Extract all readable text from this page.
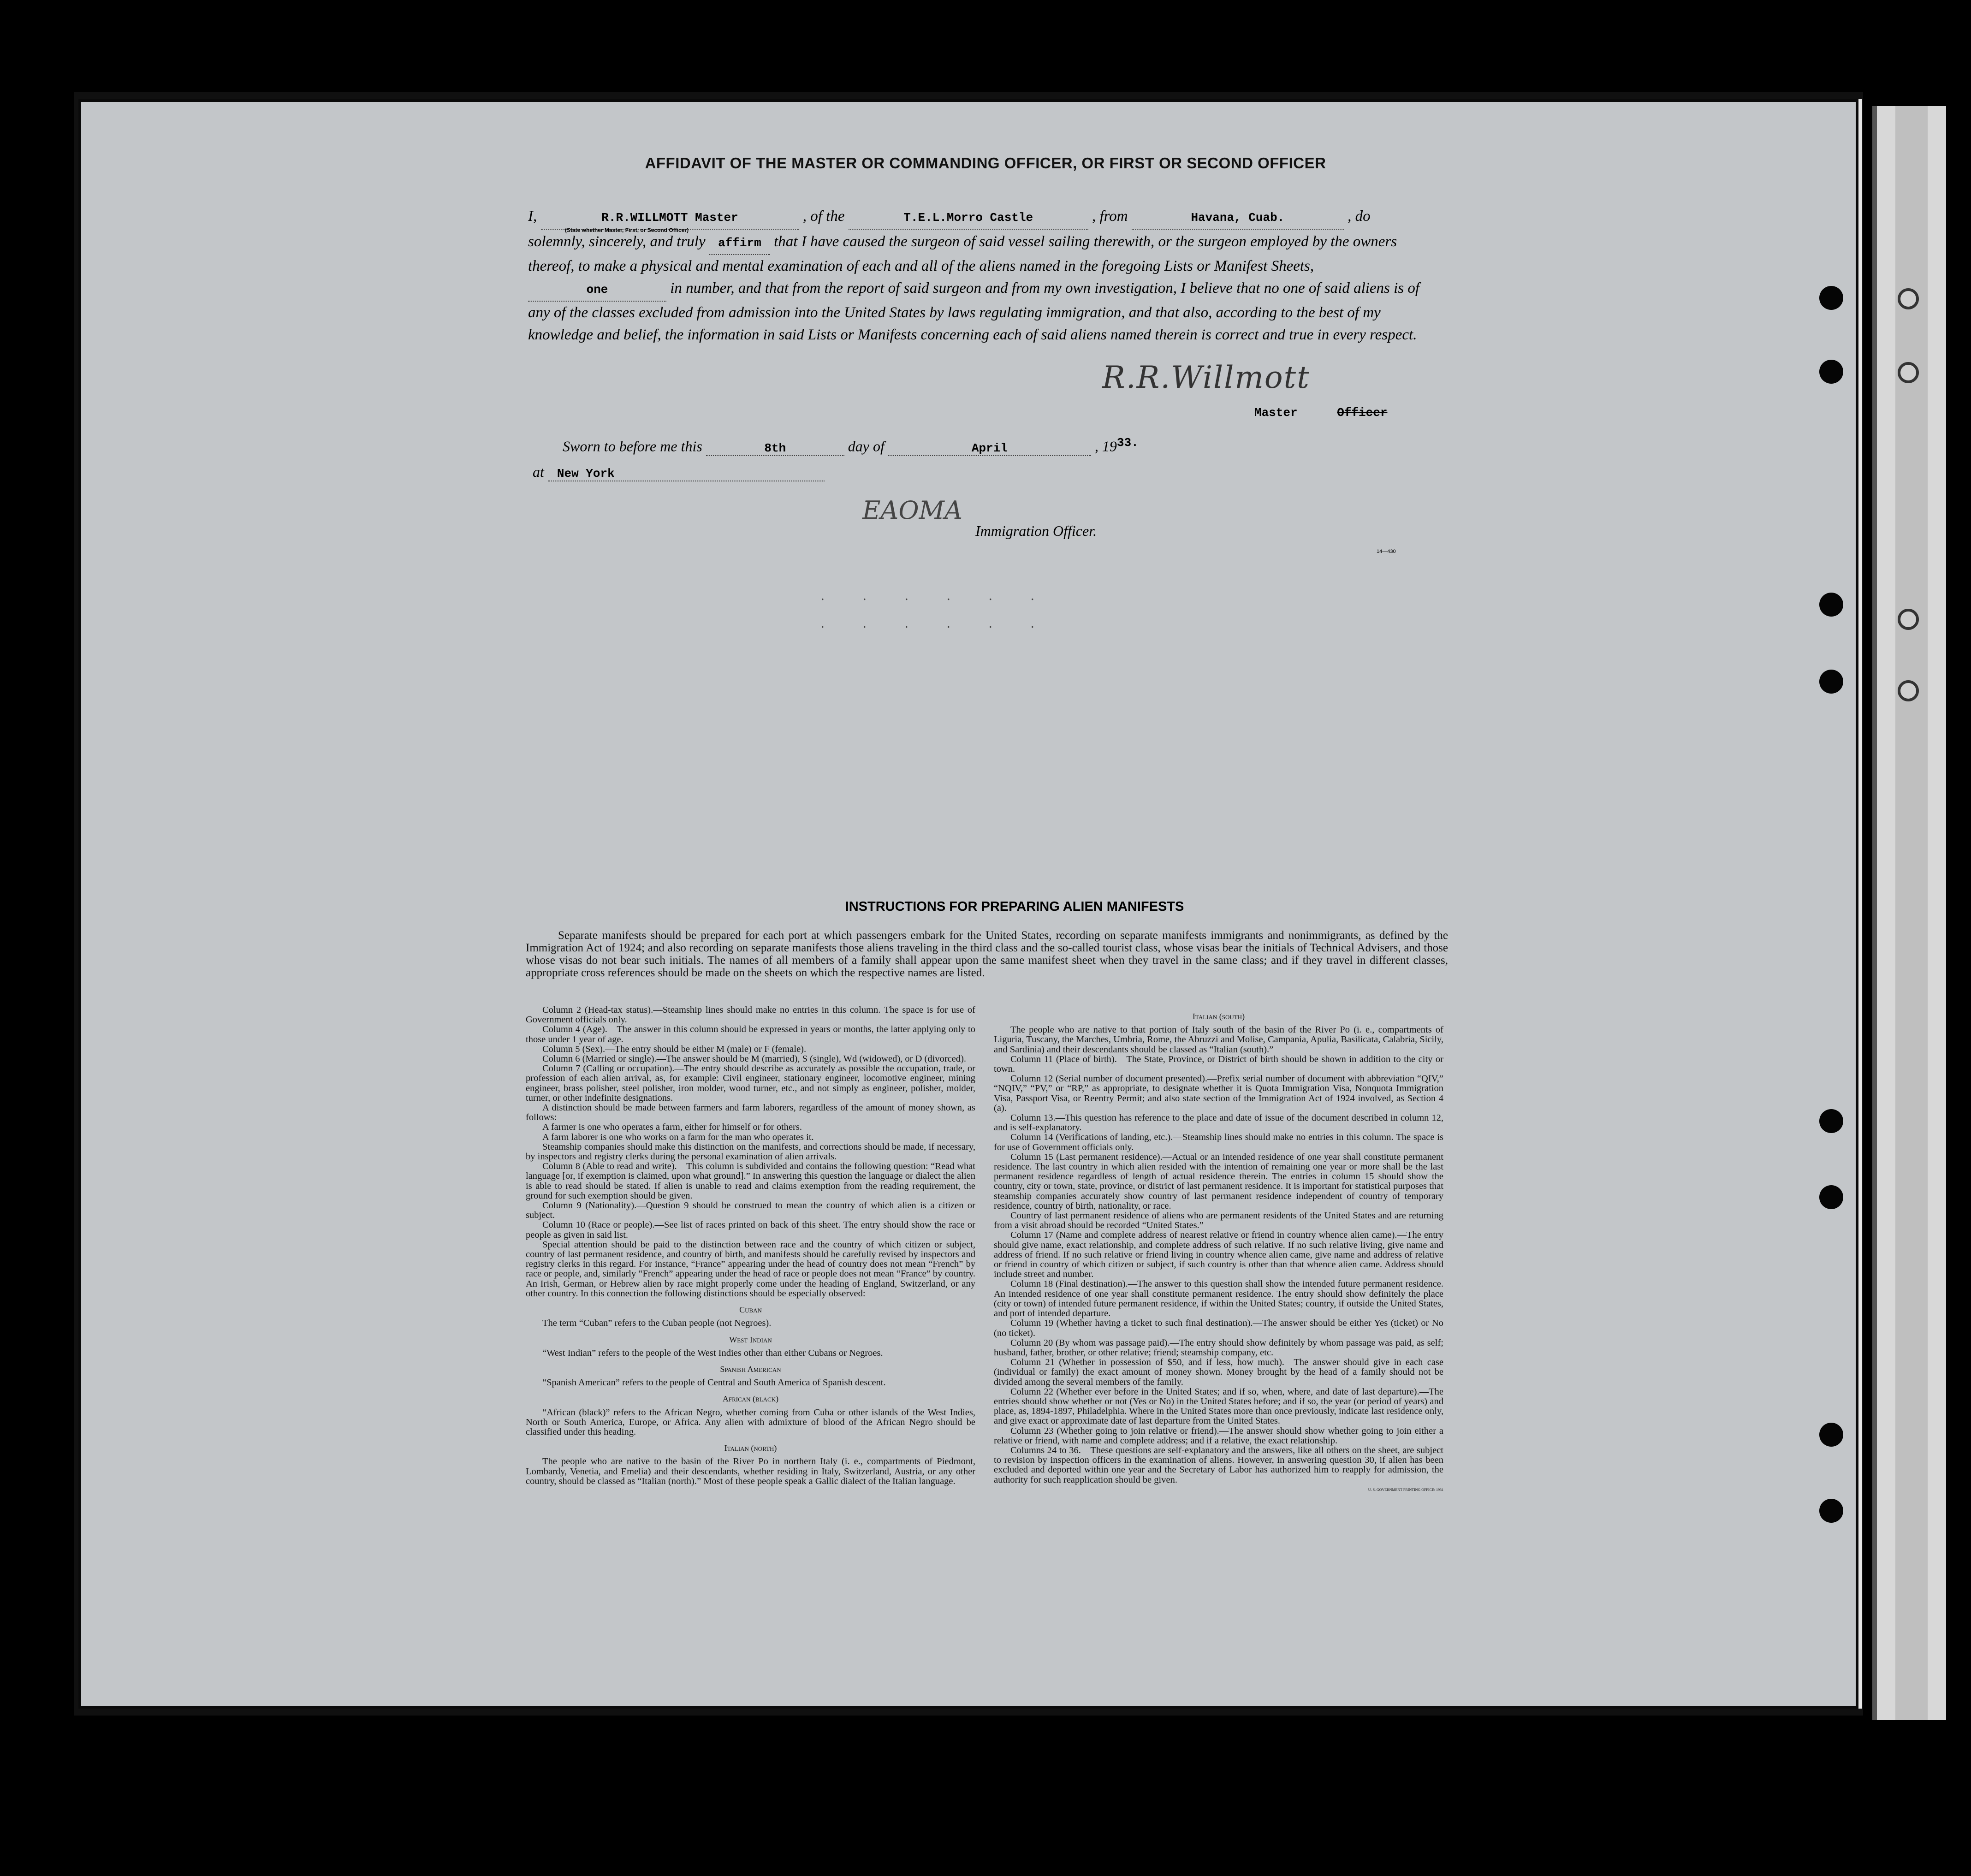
AFFIDAVIT OF THE MASTER OR COMMANDING OFFICER, OR FIRST OR SECOND OFFICER
I,	R.R.WILLMOTT Master	, of the	T.E.L.Morro Castle	, from	Havana, Cuab.	, do
solemnly, sincerely, and truly affirm that I have caused the surgeon of said vessel sailing therewith, or the surgeon employed by the owners thereof, to make a physical and mental examination of each and all of the aliens named in the foregoing Lists or Manifest Sheets, one	in number, and that from the report of said surgeon and from my own investigation, I believe that no one of said aliens is of any of the classes excluded from admission into the United States by laws regulating immigration, and that also, according to the best of my knowledge and belief, the information in said Lists or Manifests concerning each of said aliens named therein is correct and true in every respect.
(State whether Master, First, or Second Officer)
R.R.Willmott
Master	Officer
Sworn to before me this	8th	day of	April	, $19^{33.}$
at New York
EAOMA
Immigration Officer.
14—430
. . . . . .
. . . . . .
INSTRUCTIONS FOR PREPARING ALIEN MANIFESTS
Separate manifests should be prepared for each port at which passengers embark for the United States, recording on separate manifests immigrants and nonimmigrants, as defined by the Immigration Act of 1924; and also recording on separate manifests those aliens traveling in the third class and the so-called tourist class, whose visas bear the initials of Technical Advisers, and those whose visas do not bear such initials. The names of all members of a family shall appear upon the same manifest sheet when they travel in the same class; and if they travel in different classes, appropriate cross references should be made on the sheets on which the respective names are listed.

Column 2 (Head-tax status).—Steamship lines should make no entries in this column. The space is for use of Government officials only.

Column 4 (Age).—The answer in this column should be expressed in years or months, the latter applying only to those under 1 year of age.

Column 5 (Sex).—The entry should be either M (male) or F (female).

Column 6 (Married or single).—The answer should be M (married), S (single), Wd (widowed), or D (divorced).

Column 7 (Calling or occupation).—The entry should describe as accurately as possible the occupation, trade, or profession of each alien arrival, as, for example: Civil engineer, stationary engineer, locomotive engineer, mining engineer, brass polisher, steel polisher, iron molder, wood turner, etc., and not simply as engineer, polisher, molder, turner, or other indefinite designations.

A distinction should be made between farmers and farm laborers, regardless of the amount of money shown, as follows:

A farmer is one who operates a farm, either for himself or for others.

A farm laborer is one who works on a farm for the man who operates it.

Steamship companies should make this distinction on the manifests, and corrections should be made, if necessary, by inspectors and registry clerks during the personal examination of alien arrivals.

Column 8 (Able to read and write).—This column is subdivided and contains the following question: “Read what language [or, if exemption is claimed, upon what ground].” In answering this question the language or dialect the alien is able to read should be stated. If alien is unable to read and claims exemption from the reading requirement, the ground for such exemption should be given.

Column 9 (Nationality).—Question 9 should be construed to mean the country of which alien is a citizen or subject.

Column 10 (Race or people).—See list of races printed on back of this sheet. The entry should show the race or people as given in said list.

Special attention should be paid to the distinction between race and the country of which citizen or subject, country of last permanent residence, and country of birth, and manifests should be carefully revised by inspectors and registry clerks in this regard. For instance, “France” appearing under the head of country does not mean “French” by race or people, and, similarly “French” appearing under the head of race or people does not mean “France” by country. An Irish, German, or Hebrew alien by race might properly come under the heading of England, Switzerland, or any other country. In this connection the following distinctions should be especially observed:

Cuban

The term “Cuban” refers to the Cuban people (not Negroes).

West Indian

“West Indian” refers to the people of the West Indies other than either Cubans or Negroes.

Spanish American

“Spanish American” refers to the people of Central and South America of Spanish descent.

African (black)

“African (black)” refers to the African Negro, whether coming from Cuba or other islands of the West Indies, North or South America, Europe, or Africa. Any alien with admixture of blood of the African Negro should be classified under this heading.

Italian (north)

The people who are native to the basin of the River Po in northern Italy (i. e., compartments of Piedmont, Lombardy, Venetia, and Emelia) and their descendants, whether residing in Italy, Switzerland, Austria, or any other country, should be classed as “Italian (north).” Most of these people speak a Gallic dialect of the Italian language.

Italian (south)

The people who are native to that portion of Italy south of the basin of the River Po (i. e., compartments of Liguria, Tuscany, the Marches, Umbria, Rome, the Abruzzi and Molise, Campania, Apulia, Basilicata, Calabria, Sicily, and Sardinia) and their descendants should be classed as “Italian (south).”

Column 11 (Place of birth).—The State, Province, or District of birth should be shown in addition to the city or town.

Column 12 (Serial number of document presented).—Prefix serial number of document with abbreviation “QIV,” “NQIV,” “PV,” or “RP,” as appropriate, to designate whether it is Quota Immigration Visa, Nonquota Immigration Visa, Passport Visa, or Reentry Permit; and also state section of the Immigration Act of 1924 involved, as Section 4 (a).

Column 13.—This question has reference to the place and date of issue of the document described in column 12, and is self-explanatory.

Column 14 (Verifications of landing, etc.).—Steamship lines should make no entries in this column. The space is for use of Government officials only.

Column 15 (Last permanent residence).—Actual or an intended residence of one year shall constitute permanent residence. The last country in which alien resided with the intention of remaining one year or more shall be the last permanent residence regardless of length of actual residence therein. The entries in column 15 should show the country, city or town, state, province, or district of last permanent residence. It is important for statistical purposes that steamship companies accurately show country of last permanent residence independent of country of temporary residence, country of birth, nationality, or race.

Country of last permanent residence of aliens who are permanent residents of the United States and are returning from a visit abroad should be recorded “United States.”

Column 17 (Name and complete address of nearest relative or friend in country whence alien came).—The entry should give name, exact relationship, and complete address of such relative. If no such relative living, give name and address of friend. If no such relative or friend living in country whence alien came, give name and address of relative or friend in country of which citizen or subject, if such country is other than that whence alien came. Address should include street and number.

Column 18 (Final destination).—The answer to this question shall show the intended future permanent residence. An intended residence of one year shall constitute permanent residence. The entry should show definitely the place (city or town) of intended future permanent residence, if within the United States; country, if outside the United States, and port of intended departure.

Column 19 (Whether having a ticket to such final destination).—The answer should be either Yes (ticket) or No (no ticket).

Column 20 (By whom was passage paid).—The entry should show definitely by whom passage was paid, as self; husband, father, brother, or other relative; friend; steamship company, etc.

Column 21 (Whether in possession of $50, and if less, how much).—The answer should give in each case (individual or family) the exact amount of money shown. Money brought by the head of a family should not be divided among the several members of the family.

Column 22 (Whether ever before in the United States; and if so, when, where, and date of last departure).—The entries should show whether or not (Yes or No) in the United States before; and if so, the year (or period of years) and place, as, 1894-1897, Philadelphia. Where in the United States more than once previously, indicate last residence only, and give exact or approximate date of last departure from the United States.

Column 23 (Whether going to join relative or friend).—The answer should show whether going to join either a relative or friend, with name and complete address; and if a relative, the exact relationship.

Columns 24 to 36.—These questions are self-explanatory and the answers, like all others on the sheet, are subject to revision by inspection officers in the examination of aliens. However, in answering question 30, if alien has been excluded and deported within one year and the Secretary of Labor has authorized him to reapply for admission, the authority for such reapplication should be given.

U. S. GOVERNMENT PRINTING OFFICE: 1931
